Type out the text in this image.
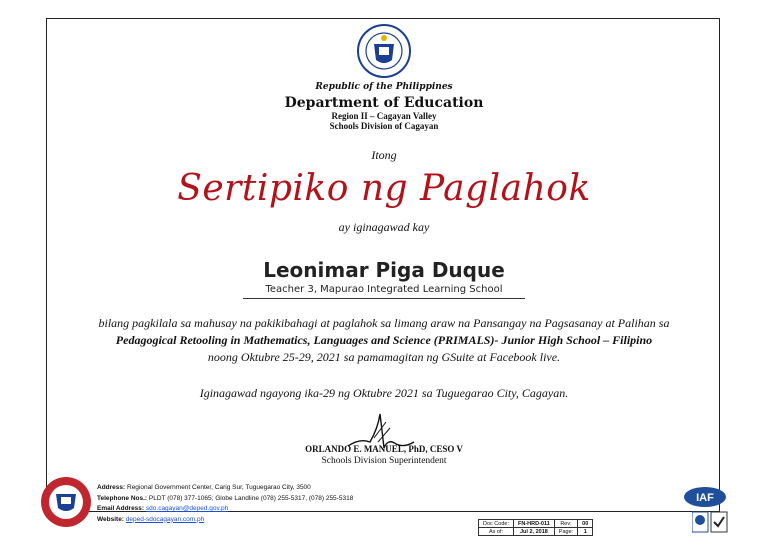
Republic of the Philippines
Department of Education
Region II – Cagayan Valley
Schools Division of Cagayan
Itong
Sertipiko ng Paglahok
ay iginagawad kay
Leonimar Piga Duque
Teacher 3, Mapurao Integrated Learning School
bilang pagkilala sa mahusay na pakikibahagi at paglahok sa limang araw na Pansangay na Pagsasanay at Palihan sa
Pedagogical Retooling in Mathematics, Languages and Science (PRIMALS)- Junior High School – Filipino
noong Oktubre 25-29, 2021 sa pamamagitan ng GSuite at Facebook live.
Iginagawad ngayong ika-29 ng Oktubre 2021 sa Tuguegarao City, Cagayan.
ORLANDO E. MANUEL, PhD, CESO V
Schools Division Superintendent
Address: Regional Government Center, Carig Sur, Tuguegarao City, 3500
Telephone Nos.: PLDT (078) 377-1065; Globe Landline (078) 255-5317, (078) 255-5318
Email Address: sdo.cagayan@deped.gov.ph
Website: deped-sdocagayan.com.ph
Doc Code:	FN-HRD-011	Rev:	00
As of:	Jul 2, 2018	Page:	1
IAF
